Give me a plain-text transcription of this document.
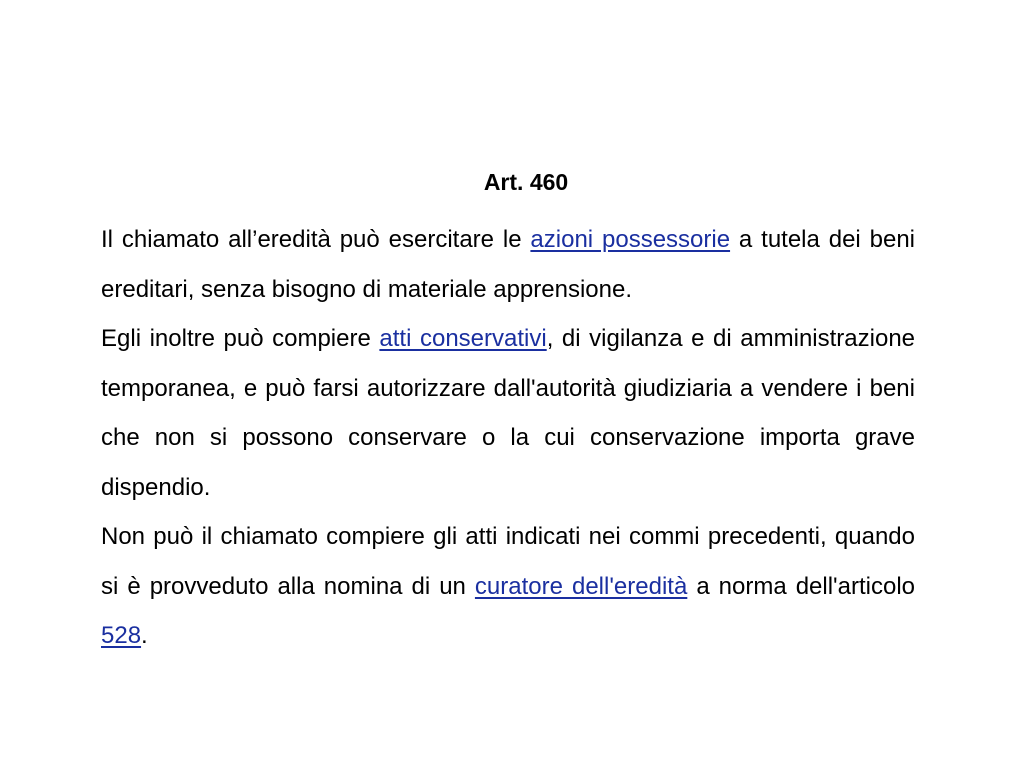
Art. 460

Il chiamato all’eredità può esercitare le azioni possessorie a tutela dei beni ereditari, senza bisogno di materiale apprensione.

Egli inoltre può compiere atti conservativi, di vigilanza e di amministrazione temporanea, e può farsi autorizzare dall'autorità giudiziaria a vendere i beni che non si possono conservare o la cui conservazione importa grave dispendio.

Non può il chiamato compiere gli atti indicati nei commi precedenti, quando si è provveduto alla nomina di un curatore dell'eredità a norma dell'articolo 528.
